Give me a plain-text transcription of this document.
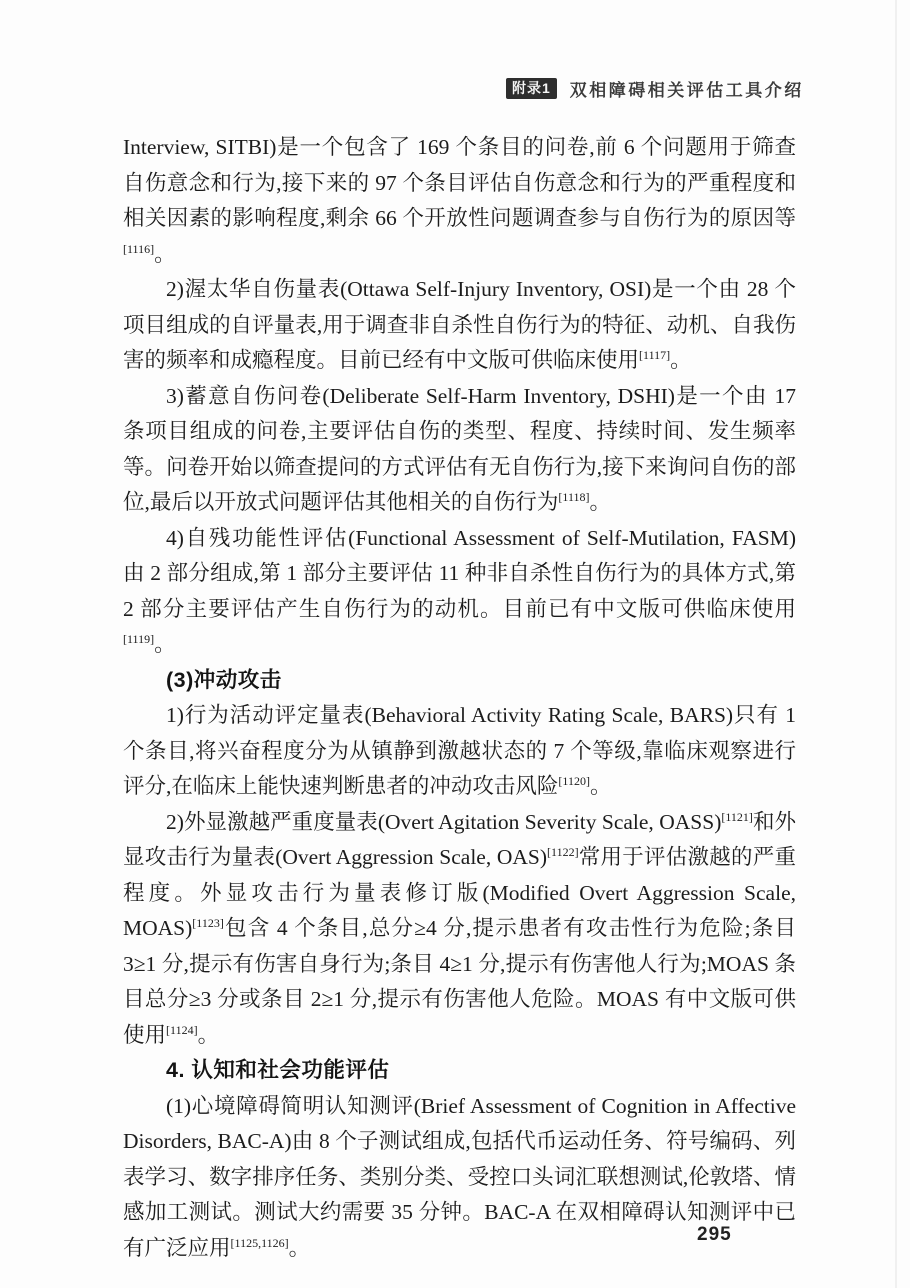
附录1	双相障碍相关评估工具介绍

Interview, SITBI)是一个包含了 169 个条目的问卷,前 6 个问题用于筛查自伤意念和行为,接下来的 97 个条目评估自伤意念和行为的严重程度和相关因素的影响程度,剩余 66 个开放性问题调查参与自伤行为的原因等[1116]。

2)渥太华自伤量表(Ottawa Self-Injury Inventory, OSI)是一个由 28 个项目组成的自评量表,用于调查非自杀性自伤行为的特征、动机、自我伤害的频率和成瘾程度。目前已经有中文版可供临床使用[1117]。

3)蓄意自伤问卷(Deliberate Self-Harm Inventory, DSHI)是一个由 17 条项目组成的问卷,主要评估自伤的类型、程度、持续时间、发生频率等。问卷开始以筛查提问的方式评估有无自伤行为,接下来询问自伤的部位,最后以开放式问题评估其他相关的自伤行为[1118]。

4)自残功能性评估(Functional Assessment of Self-Mutilation, FASM)由 2 部分组成,第 1 部分主要评估 11 种非自杀性自伤行为的具体方式,第 2 部分主要评估产生自伤行为的动机。目前已有中文版可供临床使用[1119]。

(3)冲动攻击

1)行为活动评定量表(Behavioral Activity Rating Scale, BARS)只有 1 个条目,将兴奋程度分为从镇静到激越状态的 7 个等级,靠临床观察进行评分,在临床上能快速判断患者的冲动攻击风险[1120]。

2)外显激越严重度量表(Overt Agitation Severity Scale, OASS)[1121]和外显攻击行为量表(Overt Aggression Scale, OAS)[1122]常用于评估激越的严重程度。外显攻击行为量表修订版(Modified Overt Aggression Scale, MOAS)[1123]包含 4 个条目,总分≥4 分,提示患者有攻击性行为危险;条目 3≥1 分,提示有伤害自身行为;条目 4≥1 分,提示有伤害他人行为;MOAS 条目总分≥3 分或条目 2≥1 分,提示有伤害他人危险。MOAS 有中文版可供使用[1124]。

4. 认知和社会功能评估

(1)心境障碍简明认知测评(Brief Assessment of Cognition in Affective Disorders, BAC-A)由 8 个子测试组成,包括代币运动任务、符号编码、列表学习、数字排序任务、类别分类、受控口头词汇联想测试,伦敦塔、情感加工测试。测试大约需要 35 分钟。BAC-A 在双相障碍认知测评中已有广泛应用[1125,1126]。

295
